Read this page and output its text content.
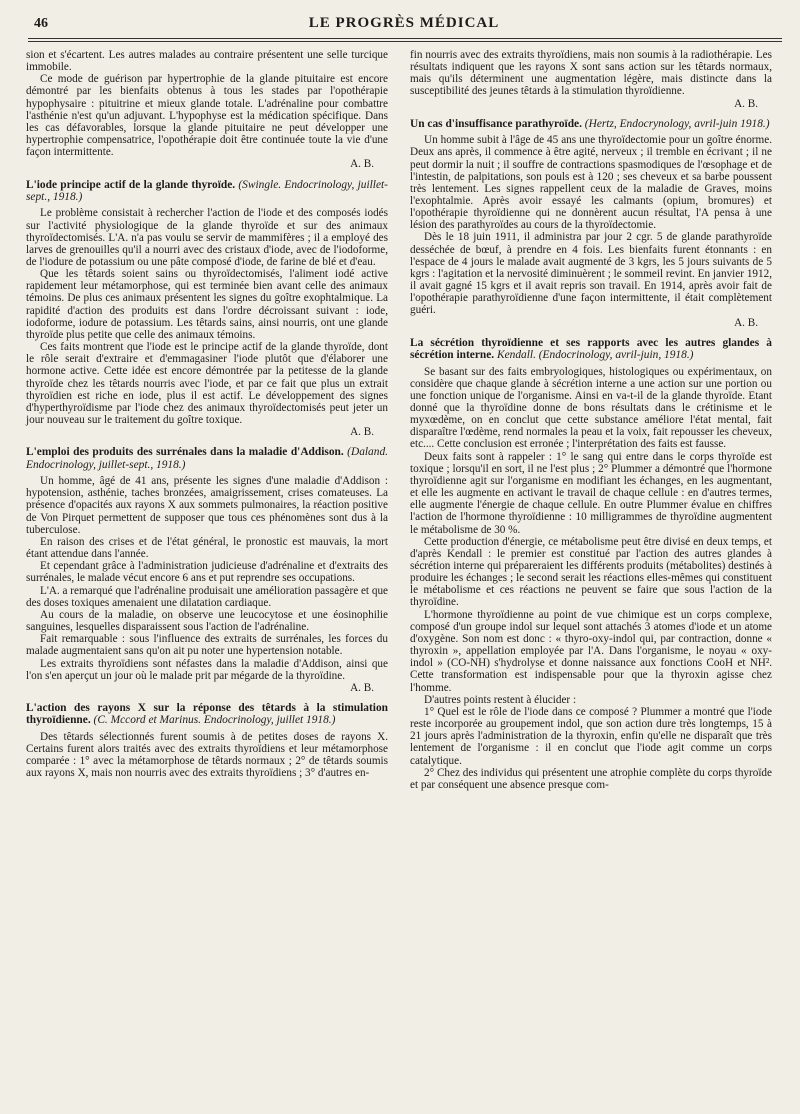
46	LE PROGRÈS MÉDICAL

sion et s'écartent. Les autres malades au contraire présentent une selle turcique immobile.

Ce mode de guérison par hypertrophie de la glande pituitaire est encore démontré par les bienfaits obtenus à tous les stades par l'opothérapie hypophysaire : pituitrine et mieux glande totale. L'adrénaline pour combattre l'asthénie n'est qu'un adjuvant. L'hypophyse est la médication spécifique. Dans les cas défavorables, lorsque la glande pituitaire ne peut développer une hypertrophie compensatrice, l'opothérapie doit être continuée toute la vie d'une façon intermittente.

A. B.

L'iode principe actif de la glande thyroïde. (Swingle. Endocrinology, juillet-sept., 1918.)

Le problème consistait à rechercher l'action de l'iode et des composés iodés sur l'activité physiologique de la glande thyroïde et sur des animaux thyroïdectomisés. L'A. n'a pas voulu se servir de mammifères ; il a employé des larves de grenouilles qu'il a nourri avec des cristaux d'iode, avec de l'iodoforme, de l'iodure de potassium ou une pâte composé d'iode, de farine de blé et d'eau.

Que les têtards soient sains ou thyroïdectomisés, l'aliment iodé active rapidement leur métamorphose, qui est terminée bien avant celle des animaux témoins. De plus ces animaux présentent les signes du goître exophtalmique. La rapidité d'action des produits est dans l'ordre décroissant suivant : iode, iodoforme, iodure de potassium. Les têtards sains, ainsi nourris, ont une glande thyroïde plus petite que celle des animaux témoins.

Ces faits montrent que l'iode est le principe actif de la glande thyroïde, dont le rôle serait d'extraire et d'emmagasiner l'iode plutôt que d'élaborer une hormone active. Cette idée est encore démontrée par la petitesse de la glande thyroïde chez les têtards nourris avec l'iode, et par ce fait que plus un extrait thyroïdien est riche en iode, plus il est actif. Le développement des signes d'hyperthyroïdisme par l'iode chez des animaux thyroïdectomisés peut jeter un jour nouveau sur le traitement du goître toxique.

A. B.

L'emploi des produits des surrénales dans la maladie d'Addison. (Daland. Endocrinology, juillet-sept., 1918.)

Un homme, âgé de 41 ans, présente les signes d'une maladie d'Addison : hypotension, asthénie, taches bronzées, amaigrissement, crises comateuses. La présence d'opacités aux rayons X aux sommets pulmonaires, la réaction positive de Von Pirquet permettent de supposer que tous ces phénomènes sont dus à la tuberculose.

En raison des crises et de l'état général, le pronostic est mauvais, la mort étant attendue dans l'année.

Et cependant grâce à l'administration judicieuse d'adrénaline et d'extraits des surrénales, le malade vécut encore 6 ans et put reprendre ses occupations.

L'A. a remarqué que l'adrénaline produisait une amélioration passagère et que des doses toxiques amenaient une dilatation cardiaque.

Au cours de la maladie, on observe une leucocytose et une éosinophilie sanguines, lesquelles disparaissent sous l'action de l'adrénaline.

Fait remarquable : sous l'influence des extraits de surrénales, les forces du malade augmentaient sans qu'on ait pu noter une hypertension notable.

Les extraits thyroïdiens sont néfastes dans la maladie d'Addison, ainsi que l'on s'en aperçut un jour où le malade prit par mégarde de la thyroïdine.

A. B.

L'action des rayons X sur la réponse des têtards à la stimulation thyroïdienne. (C. Mccord et Marinus. Endocrinology, juillet 1918.)

Des têtards sélectionnés furent soumis à de petites doses de rayons X. Certains furent alors traités avec des extraits thyroïdiens et leur métamorphose comparée : 1° avec la métamorphose de têtards normaux ; 2° de têtards soumis aux rayons X, mais non nourris avec des extraits thyroïdiens ; 3° d'autres en-

fin nourris avec des extraits thyroïdiens, mais non soumis à la radiothérapie. Les résultats indiquent que les rayons X sont sans action sur les têtards normaux, mais qu'ils déterminent une augmentation légère, mais distincte dans la susceptibilité des jeunes têtards à la stimulation thyroïdienne.

A. B.

Un cas d'insuffisance parathyroïde. (Hertz, Endocrynology, avril-juin 1918.)

Un homme subit à l'âge de 45 ans une thyroïdectomie pour un goître énorme. Deux ans après, il commence à être agité, nerveux ; il tremble en écrivant ; il ne peut dormir la nuit ; il souffre de contractions spasmodiques de l'œsophage et de l'intestin, de palpitations, son pouls est à 120 ; ses cheveux et sa barbe poussent très lentement. Les signes rappellent ceux de la maladie de Graves, moins l'exophtalmie. Après avoir essayé les calmants (opium, bromures) et l'opothérapie thyroïdienne qui ne donnèrent aucun résultat, l'A pensa à une lésion des parathyroïdes au cours de la thyroïdectomie.

Dès le 18 juin 1911, il administra par jour 2 cgr. 5 de glande parathyroïde desséchée de bœuf, à prendre en 4 fois. Les bienfaits furent étonnants : en l'espace de 4 jours le malade avait augmenté de 3 kgrs, les 5 jours suivants de 5 kgrs : l'agitation et la nervosité diminuèrent ; le sommeil revint. En janvier 1912, il avait gagné 15 kgrs et il avait repris son travail. En 1914, après avoir fait de l'opothérapie parathyroïdienne d'une façon intermittente, il était complètement guéri.

A. B.

La sécrétion thyroïdienne et ses rapports avec les autres glandes à sécrétion interne. Kendall. (Endocrinology, avril-juin, 1918.)

Se basant sur des faits embryologiques, histologiques ou expérimentaux, on considère que chaque glande à sécrétion interne a une action sur une portion ou une fonction unique de l'organisme. Ainsi en va-t-il de la glande thyroïde. Etant donné que la thyroïdine donne de bons résultats dans le crétinisme et le myxœdème, on en conclut que cette substance améliore l'état mental, fait disparaître l'œdème, rend normales la peau et la voix, fait repousser les cheveux, etc.... Cette conclusion est erronée ; l'interprétation des faits est fausse.

Deux faits sont à rappeler : 1° le sang qui entre dans le corps thyroïde est toxique ; lorsqu'il en sort, il ne l'est plus ; 2° Plummer a démontré que l'hormone thyroïdienne agit sur l'organisme en modifiant les échanges, en les augmentant, et elle les augmente en activant le travail de chaque cellule : en d'autres termes, elle augmente l'énergie de chaque cellule. En outre Plummer évalue en chiffres l'action de l'hormone thyroïdienne : 10 milligrammes de thyroïdine augmentent le métabolisme de 30 %.

Cette production d'énergie, ce métabolisme peut être divisé en deux temps, et d'après Kendall : le premier est constitué par l'action des autres glandes à sécrétion interne qui prépareraient les différents produits (métabolites) destinés à produire les échanges ; le second serait les réactions elles-mêmes qui constituent le métabolisme et ces réactions ne peuvent se faire que sous l'action de la thyroïdine.

L'hormone thyroïdienne au point de vue chimique est un corps complexe, composé d'un groupe indol sur lequel sont attachés 3 atomes d'iode et un atome d'oxygène. Son nom est donc : « thyro-oxy-indol qui, par contraction, donne « thyroxin », appellation employée par l'A. Dans l'organisme, le noyau « oxy-indol » (CO-NH) s'hydrolyse et donne naissance aux fonctions CooH et NH². Cette transformation est indispensable pour que la thyroxin agisse chez l'homme.

D'autres points restent à élucider :

1° Quel est le rôle de l'iode dans ce composé ? Plummer a montré que l'iode reste incorporée au groupement indol, que son action dure très longtemps, 15 à 21 jours après l'administration de la thyroxin, enfin qu'elle ne disparaît que très lentement de l'organisme : il en conclut que l'iode agit comme un corps catalytique.

2° Chez des individus qui présentent une atrophie complète du corps thyroïde et par conséquent une absence presque com-
